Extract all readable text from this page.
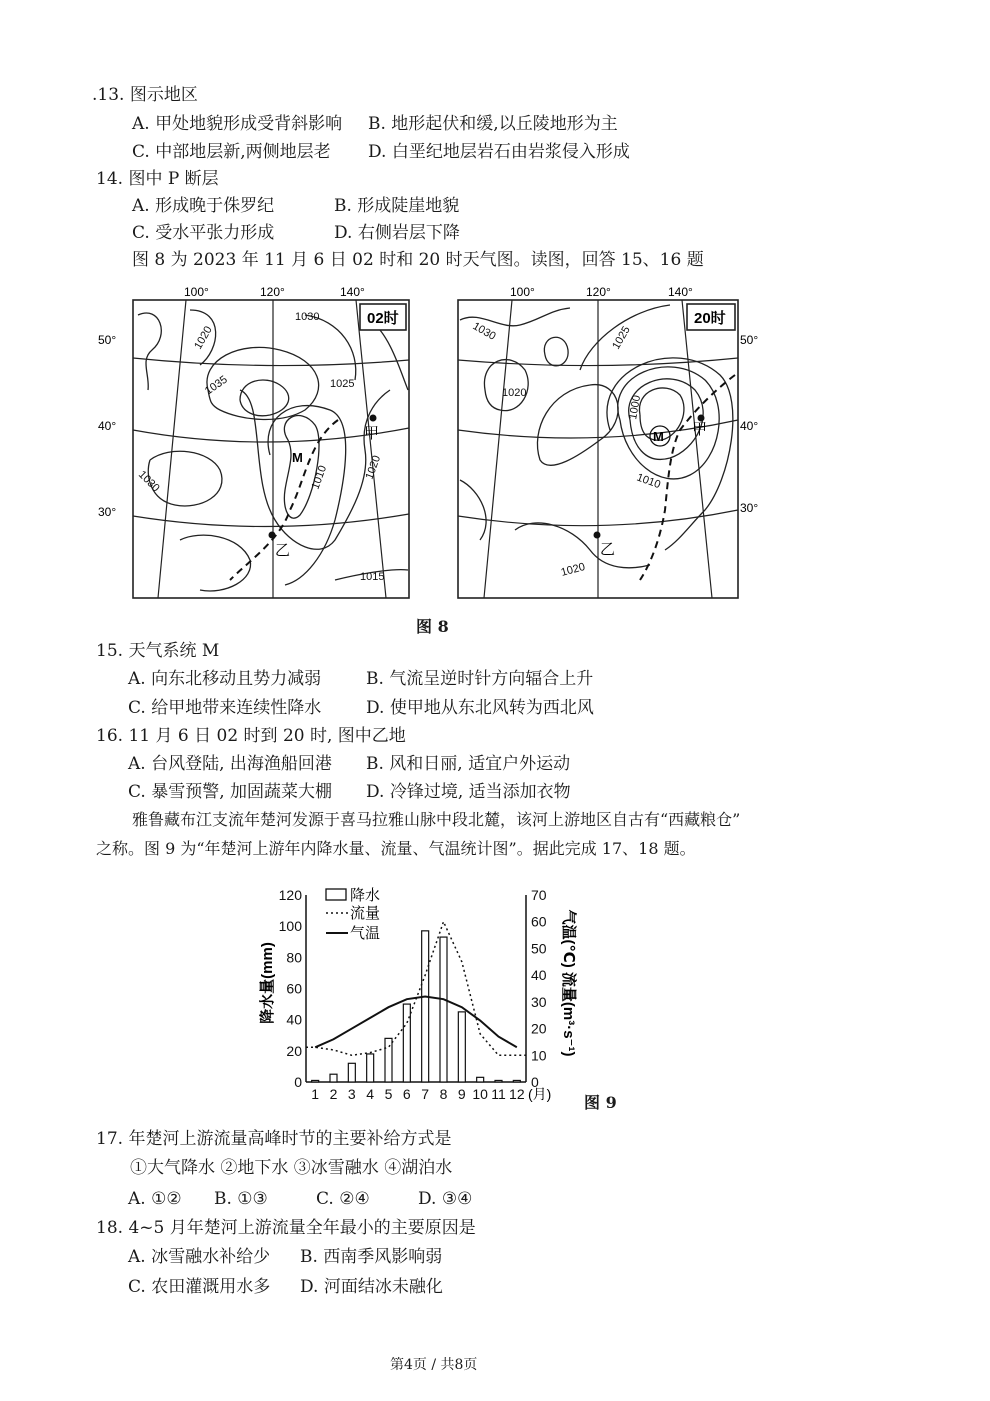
.13. 图示地区
A. 甲处地貌形成受背斜影响 B. 地形起伏和缓,以丘陵地形为主
C. 中部地层新,两侧地层老 D. 白垩纪地层岩石由岩浆侵入形成
14. 图中 P 断层
A. 形成晚于侏罗纪	B. 形成陡崖地貌
C. 受水平张力形成	D. 右侧岩层下降
图 8 为 2023 年 11 月 6 日 02 时和 20 时天气图。读图，回答 15、16 题
100°	120°	140°
50°
40°
30°
1020
1030
1035	1025
1030	1010	1020
1015
02时
M
甲
乙
100°	120°	140°
50°
40°
30°
1030	1025
1020
1000
1010
1020
20时
M 甲
乙
图 8
15. 天气系统 M
A. 向东北移动且势力减弱	B. 气流呈逆时针方向辐合上升
C. 给甲地带来连续性降水	D. 使甲地从东北风转为西北风
16. 11 月 6 日 02 时到 20 时, 图中乙地
A. 台风登陆, 出海渔船回港 B. 风和日丽, 适宜户外运动
C. 暴雪预警, 加固蔬菜大棚 D. 冷锋过境, 适当添加衣物
雅鲁藏布江支流年楚河发源于喜马拉雅山脉中段北麓，该河上游地区自古有“西藏粮仓”
之称。图 9 为“年楚河上游年内降水量、流量、气温统计图”。据此完成 17、18 题。
1 2 3 4 5 6 7 8 9 10 11 12
0
20
40
60
80
100
120
0
10
20
30
40
50
60
70
降水
流量
气温
降水量(mm)	气温(℃) 流量(m³·s⁻¹)
(月) 图 9
17. 年楚河上游流量高峰时节的主要补给方式是
①大气降水 ②地下水 ③冰雪融水 ④湖泊水
A. ①② B. ①③	C. ②④	D. ③④
18. 4~5 月年楚河上游流量全年最小的主要原因是
A. 冰雪融水补给少 B. 西南季风影响弱
C. 农田灌溉用水多 D. 河面结冰未融化
第4页 / 共8页
